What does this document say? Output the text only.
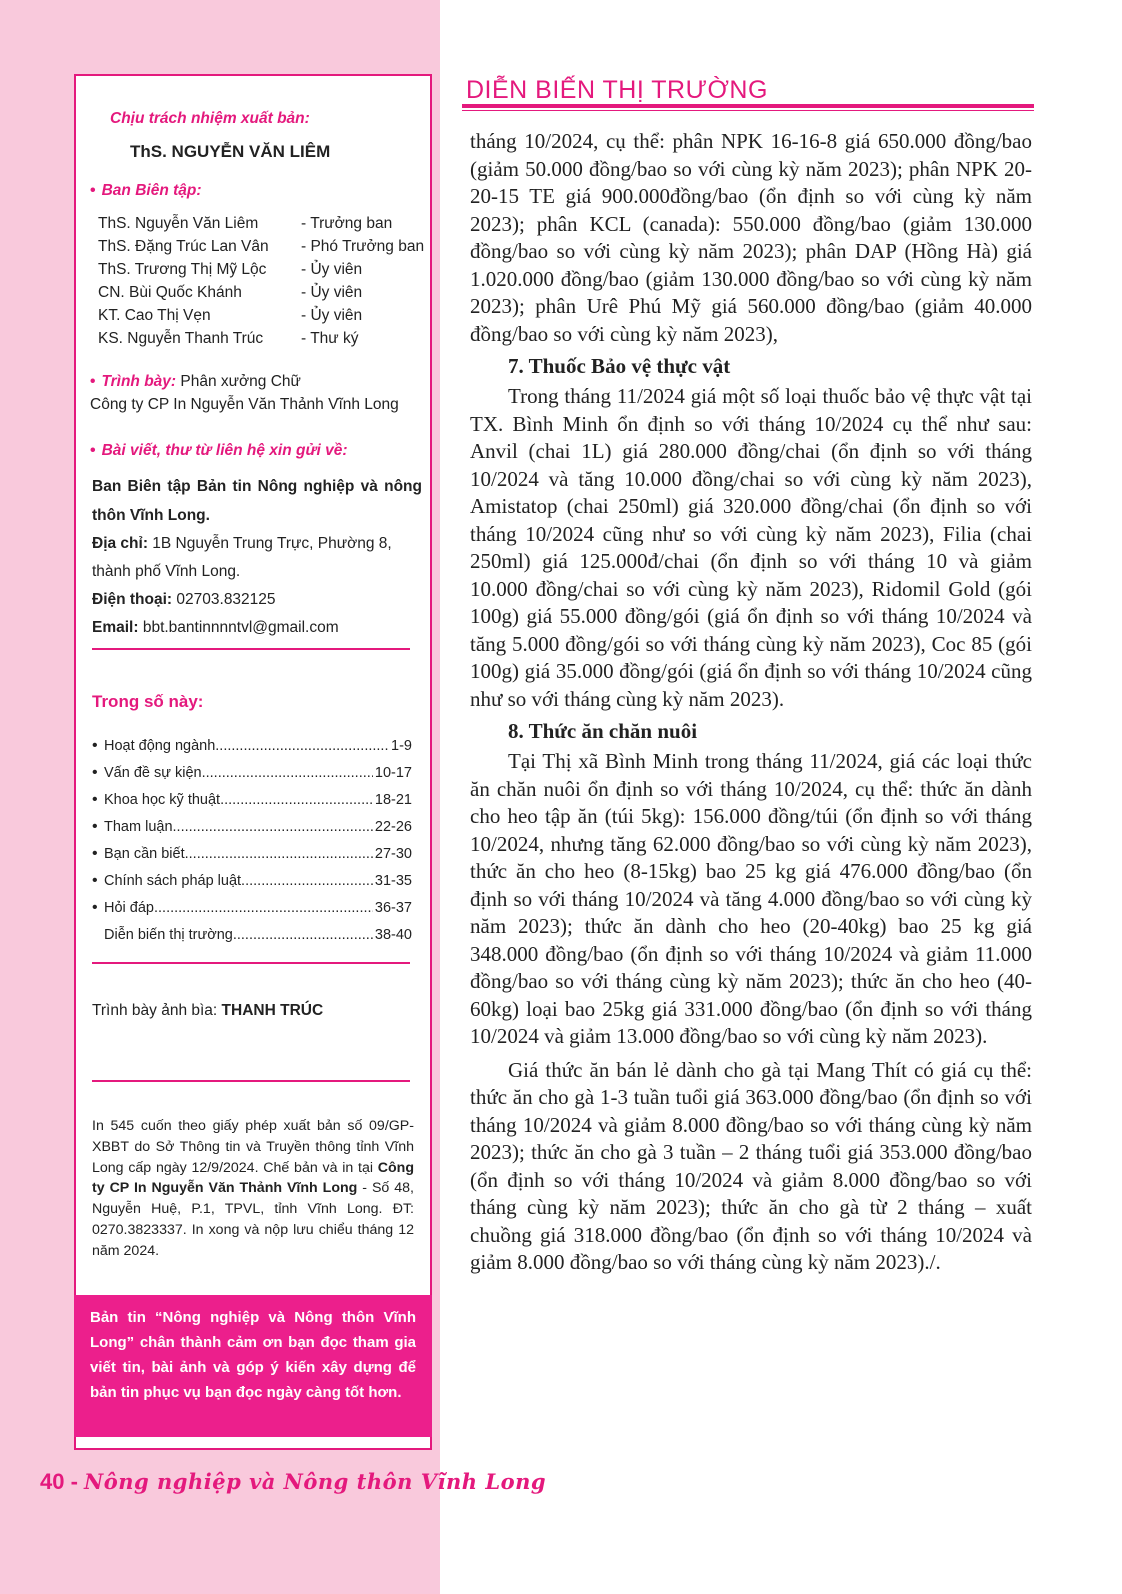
Chịu trách nhiệm xuất bản:
ThS. NGUYỄN VĂN LIÊM
• Ban Biên tập:
ThS. Nguyễn Văn Liêm	- Trưởng ban
ThS. Đặng Trúc Lan Vân	- Phó Trưởng ban
ThS. Trương Thị Mỹ Lộc	- Ủy viên
CN. Bùi Quốc Khánh	- Ủy viên
KT. Cao Thị Vẹn	- Ủy viên
KS. Nguyễn Thanh Trúc	- Thư ký
• Trình bày: Phân xưởng Chữ
Công ty CP In Nguyễn Văn Thảnh Vĩnh Long
• Bài viết, thư từ liên hệ xin gửi về:
Ban Biên tập Bản tin Nông nghiệp và nông thôn Vĩnh Long.
Địa chỉ: 1B Nguyễn Trung Trực, Phường 8, thành phố Vĩnh Long.
Điện thoại: 02703.832125
Email: bbt.bantinnnntvl@gmail.com
Trong số này:
• Hoạt động ngành .....	1-9
• Vấn đề sự kiện .....	10-17
• Khoa học kỹ thuật .....	18-21
• Tham luận .....	22-26
• Bạn cần biết .....	27-30
• Chính sách pháp luật .....	31-35
• Hỏi đáp .....	36-37
Diễn biến thị trường .....	38-40
Trình bày ảnh bìa: THANH TRÚC
In 545 cuốn theo giấy phép xuất bản số 09/GP-XBBT do Sở Thông tin và Truyền thông tỉnh Vĩnh Long cấp ngày 12/9/2024. Chế bản và in tại Công ty CP In Nguyễn Văn Thảnh Vĩnh Long - Số 48, Nguyễn Huệ, P.1, TPVL, tỉnh Vĩnh Long. ĐT: 0270.3823337. In xong và nộp lưu chiểu tháng 12 năm 2024.
Bản tin “Nông nghiệp và Nông thôn Vĩnh Long” chân thành cảm ơn bạn đọc tham gia viết tin, bài ảnh và góp ý kiến xây dựng để bản tin phục vụ bạn đọc ngày càng tốt hơn.
40 - Nông nghiệp và Nông thôn Vĩnh Long
DIỄN BIẾN THỊ TRƯỜNG

tháng 10/2024, cụ thể: phân NPK 16-16-8 giá 650.000 đồng/bao (giảm 50.000 đồng/bao so với cùng kỳ năm 2023); phân NPK 20-20-15 TE giá 900.000đồng/bao (ổn định so với cùng kỳ năm 2023); phân KCL (canada): 550.000 đồng/bao (giảm 130.000 đồng/bao so với cùng kỳ năm 2023); phân DAP (Hồng Hà) giá 1.020.000 đồng/bao (giảm 130.000 đồng/bao so với cùng kỳ năm 2023); phân Urê Phú Mỹ giá 560.000 đồng/bao (giảm 40.000 đồng/bao so với cùng kỳ năm 2023),

7. Thuốc Bảo vệ thực vật

Trong tháng 11/2024 giá một số loại thuốc bảo vệ thực vật tại TX. Bình Minh ổn định so với tháng 10/2024 cụ thể như sau: Anvil (chai 1L) giá 280.000 đồng/chai (ổn định so với tháng 10/2024 và tăng 10.000 đồng/chai so với cùng kỳ năm 2023), Amistatop (chai 250ml) giá 320.000 đồng/chai (ổn định so với tháng 10/2024 cũng như so với cùng kỳ năm 2023), Filia (chai 250ml) giá 125.000đ/chai (ổn định so với tháng 10 và giảm 10.000 đồng/chai so với cùng kỳ năm 2023), Ridomil Gold (gói 100g) giá 55.000 đồng/gói (giá ổn định so với tháng 10/2024 và tăng 5.000 đồng/gói so với tháng cùng kỳ năm 2023), Coc 85 (gói 100g) giá 35.000 đồng/gói (giá ổn định so với tháng 10/2024 cũng như so với tháng cùng kỳ năm 2023).

8. Thức ăn chăn nuôi

Tại Thị xã Bình Minh trong tháng 11/2024, giá các loại thức ăn chăn nuôi ổn định so với tháng 10/2024, cụ thể: thức ăn dành cho heo tập ăn (túi 5kg): 156.000 đồng/túi (ổn định so với tháng 10/2024, nhưng tăng 62.000 đồng/bao so với cùng kỳ năm 2023), thức ăn cho heo (8-15kg) bao 25 kg giá 476.000 đồng/bao (ổn định so với tháng 10/2024 và tăng 4.000 đồng/bao so với cùng kỳ năm 2023); thức ăn dành cho heo (20-40kg) bao 25 kg giá 348.000 đồng/bao (ổn định so với tháng 10/2024 và giảm 11.000 đồng/bao so với tháng cùng kỳ năm 2023); thức ăn cho heo (40-60kg) loại bao 25kg giá 331.000 đồng/bao (ổn định so với tháng 10/2024 và giảm 13.000 đồng/bao so với cùng kỳ năm 2023).

Giá thức ăn bán lẻ dành cho gà tại Mang Thít có giá cụ thể: thức ăn cho gà 1-3 tuần tuổi giá 363.000 đồng/bao (ổn định so với tháng 10/2024 và giảm 8.000 đồng/bao so với tháng cùng kỳ năm 2023); thức ăn cho gà 3 tuần – 2 tháng tuổi giá 353.000 đồng/bao (ổn định so với tháng 10/2024 và giảm 8.000 đồng/bao so với tháng cùng kỳ năm 2023); thức ăn cho gà từ 2 tháng – xuất chuồng giá 318.000 đồng/bao (ổn định so với tháng 10/2024 và giảm 8.000 đồng/bao so với tháng cùng kỳ năm 2023)./.
